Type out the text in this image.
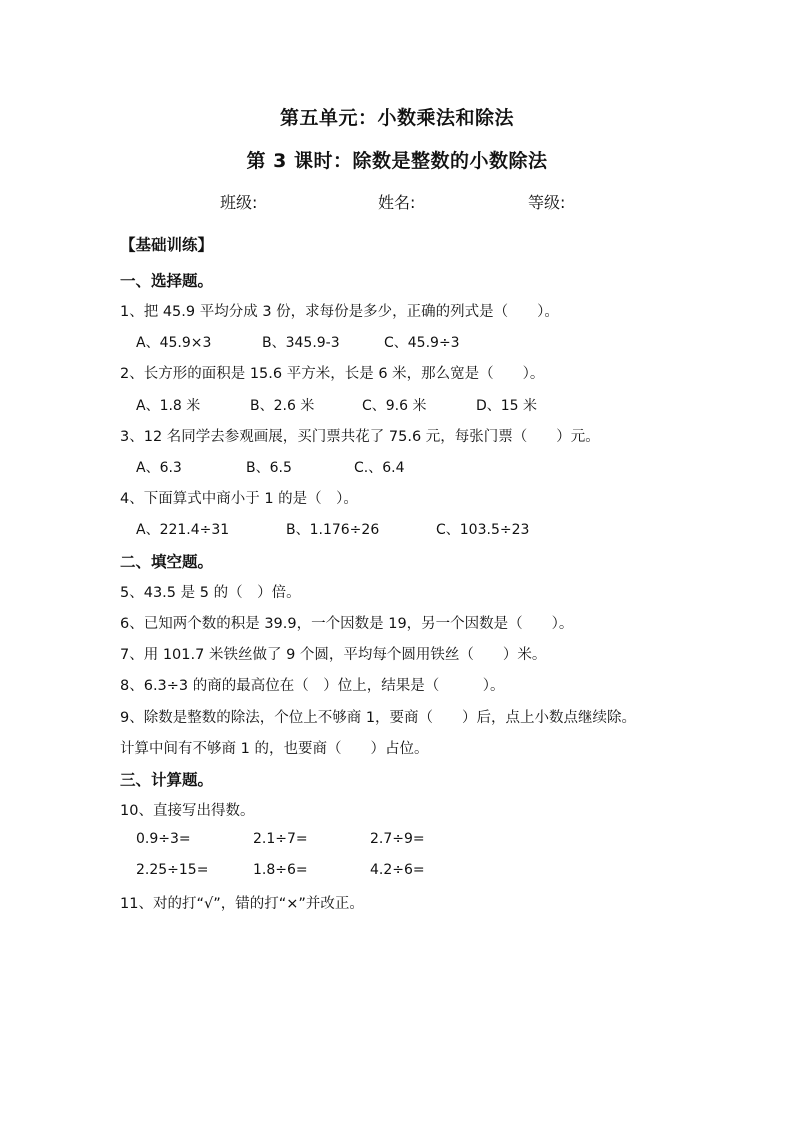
第五单元：小数乘法和除法
第 3 课时：除数是整数的小数除法
班级:	姓名:	等级:
【基础训练】
一、选择题。
1、把 45.9 平均分成 3 份，求每份是多少，正确的列式是（　　）。
A、45.9×3	B、345.9-3	C、45.9÷3
2、长方形的面积是 15.6 平方米，长是 6 米，那么宽是（　　）。
A、1.8 米	B、2.6 米	C、9.6 米	D、15 米
3、12 名同学去参观画展，买门票共花了 75.6 元，每张门票（　　）元。
A、6.3	B、6.5	C.、6.4
4、下面算式中商小于 1 的是（　）。
A、221.4÷31	B、1.176÷26	C、103.5÷23
二、填空题。
5、43.5 是 5 的（　）倍。
6、已知两个数的积是 39.9，一个因数是 19，另一个因数是（　　）。
7、用 101.7 米铁丝做了 9 个圆，平均每个圆用铁丝（　　）米。
8、6.3÷3 的商的最高位在（　）位上，结果是（　　　）。
9、除数是整数的除法，个位上不够商 1，要商（　　）后，点上小数点继续除。
计算中间有不够商 1 的，也要商（　　）占位。
三、计算题。
10、直接写出得数。
0.9÷3=	2.1÷7=	2.7÷9=
2.25÷15=	1.8÷6=	4.2÷6=
11、对的打“√”，错的打“×”并改正。
